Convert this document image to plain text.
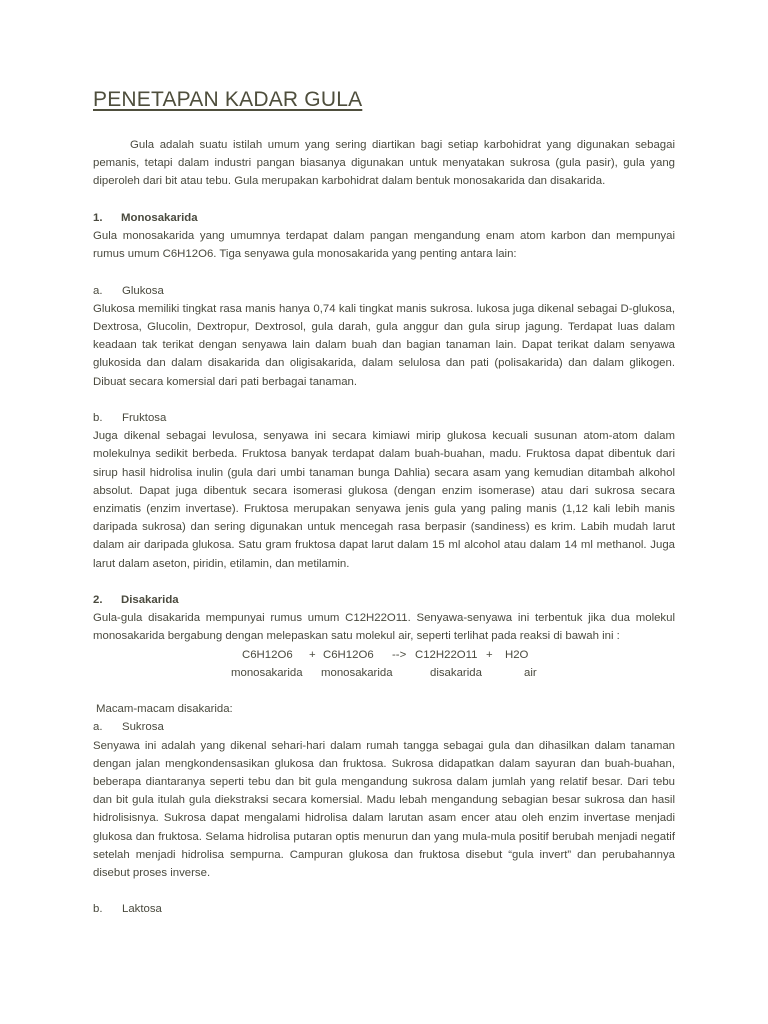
PENETAPAN KADAR GULA

Gula adalah suatu istilah umum yang sering diartikan bagi setiap karbohidrat yang digunakan sebagai pemanis, tetapi dalam industri pangan biasanya digunakan untuk menyatakan sukrosa (gula pasir), gula yang diperoleh dari bit atau tebu. Gula merupakan karbohidrat dalam bentuk monosakarida dan disakarida.

1. Monosakarida

Gula monosakarida yang umumnya terdapat dalam pangan mengandung enam atom karbon dan mempunyai rumus umum C6H12O6. Tiga senyawa gula monosakarida yang penting antara lain:

a. Glukosa

Glukosa memiliki tingkat rasa manis hanya 0,74 kali tingkat manis sukrosa. lukosa juga dikenal sebagai D-glukosa, Dextrosa, Glucolin, Dextropur, Dextrosol, gula darah, gula anggur dan gula sirup jagung. Terdapat luas dalam keadaan tak terikat dengan senyawa lain dalam buah dan bagian tanaman lain. Dapat terikat dalam senyawa glukosida dan dalam disakarida dan oligisakarida, dalam selulosa dan pati (polisakarida) dan dalam glikogen. Dibuat secara komersial dari pati berbagai tanaman.

b. Fruktosa

Juga dikenal sebagai levulosa, senyawa ini secara kimiawi mirip glukosa kecuali susunan atom-atom dalam molekulnya sedikit berbeda. Fruktosa banyak terdapat dalam buah-buahan, madu. Fruktosa dapat dibentuk dari sirup hasil hidrolisa inulin (gula dari umbi tanaman bunga Dahlia) secara asam yang kemudian ditambah alkohol absolut. Dapat juga dibentuk secara isomerasi glukosa (dengan enzim isomerase) atau dari sukrosa secara enzimatis (enzim invertase). Fruktosa merupakan senyawa jenis gula yang paling manis (1,12 kali lebih manis daripada sukrosa) dan sering digunakan untuk mencegah rasa berpasir (sandiness) es krim. Labih mudah larut dalam air daripada glukosa. Satu gram fruktosa dapat larut dalam 15 ml alcohol atau dalam 14 ml methanol. Juga larut dalam aseton, piridin, etilamin, dan metilamin.

2. Disakarida

Gula-gula disakarida mempunyai rumus umum C12H22O11. Senyawa-senyawa ini terbentuk jika dua molekul monosakarida bergabung dengan melepaskan satu molekul air, seperti terlihat pada reaksi di bawah ini :

C6H12O6 + C6H12O6 --> C12H22O11 + H2O
monosakarida monosakarida	disakarida	air

Macam-macam disakarida:

a. Sukrosa

Senyawa ini adalah yang dikenal sehari-hari dalam rumah tangga sebagai gula dan dihasilkan dalam tanaman dengan jalan mengkondensasikan glukosa dan fruktosa. Sukrosa didapatkan dalam sayuran dan buah-buahan, beberapa diantaranya seperti tebu dan bit gula mengandung sukrosa dalam jumlah yang relatif besar. Dari tebu dan bit gula itulah gula diekstraksi secara komersial. Madu lebah mengandung sebagian besar sukrosa dan hasil hidrolisisnya. Sukrosa dapat mengalami hidrolisa dalam larutan asam encer atau oleh enzim invertase menjadi glukosa dan fruktosa. Selama hidrolisa putaran optis menurun dan yang mula-mula positif berubah menjadi negatif setelah menjadi hidrolisa sempurna. Campuran glukosa dan fruktosa disebut “gula invert” dan perubahannya disebut proses inverse.

b. Laktosa
